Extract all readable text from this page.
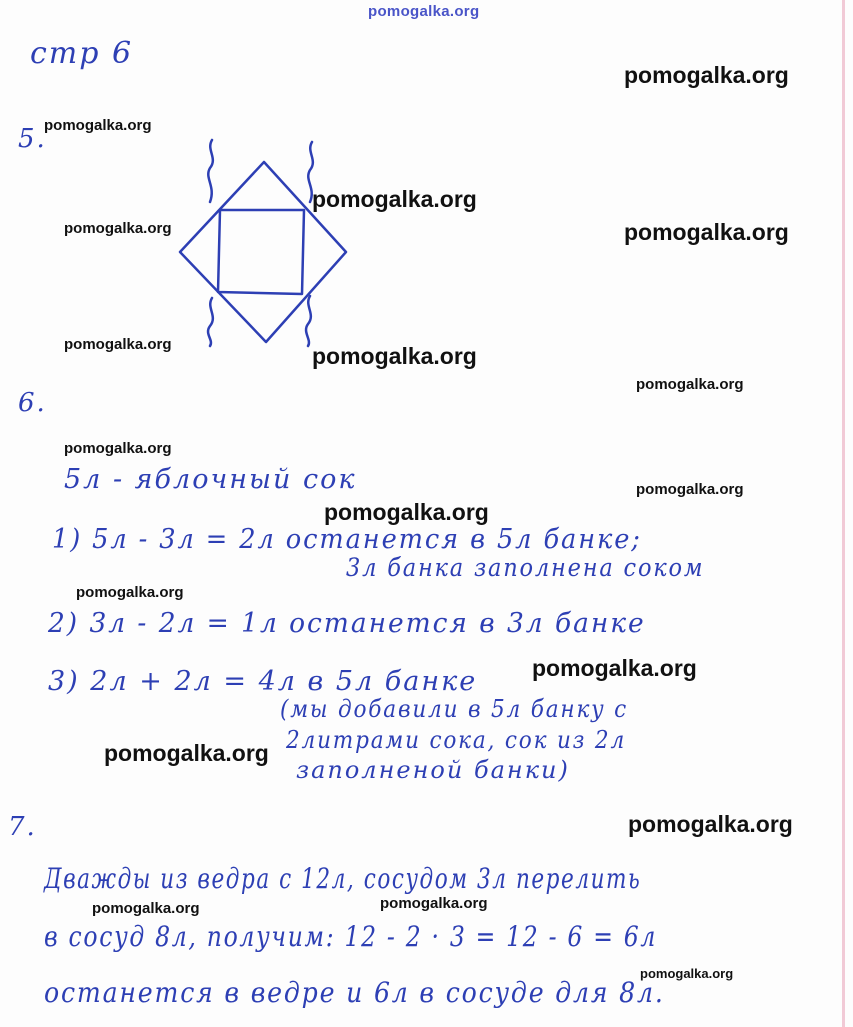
pomogalka.org
pomogalka.org
pomogalka.org
pomogalka.org
pomogalka.org	pomogalka.org
pomogalka.org	pomogalka.org
pomogalka.org
pomogalka.org
pomogalka.org
pomogalka.org
pomogalka.org
pomogalka.org
pomogalka.org
pomogalka.org
pomogalka.org
pomogalka.org
pomogalka.org
стр 6
5.
6.
5л - яблочный сок
1) 5л - 3л = 2л останется в 5л банке;
3л банка заполнена соком
2) 3л - 2л = 1л останется в 3л банке
3) 2л + 2л = 4л в 5л банке
(мы добавили в 5л банку с
2литрами сока, сок из 2л
заполненой банки)
7.
Дважды из ведра с 12л, сосудом 3л перелить
в сосуд 8л, получим: 12 - 2 · 3 = 12 - 6 = 6л
останется в ведре и 6л в сосуде для 8л.
